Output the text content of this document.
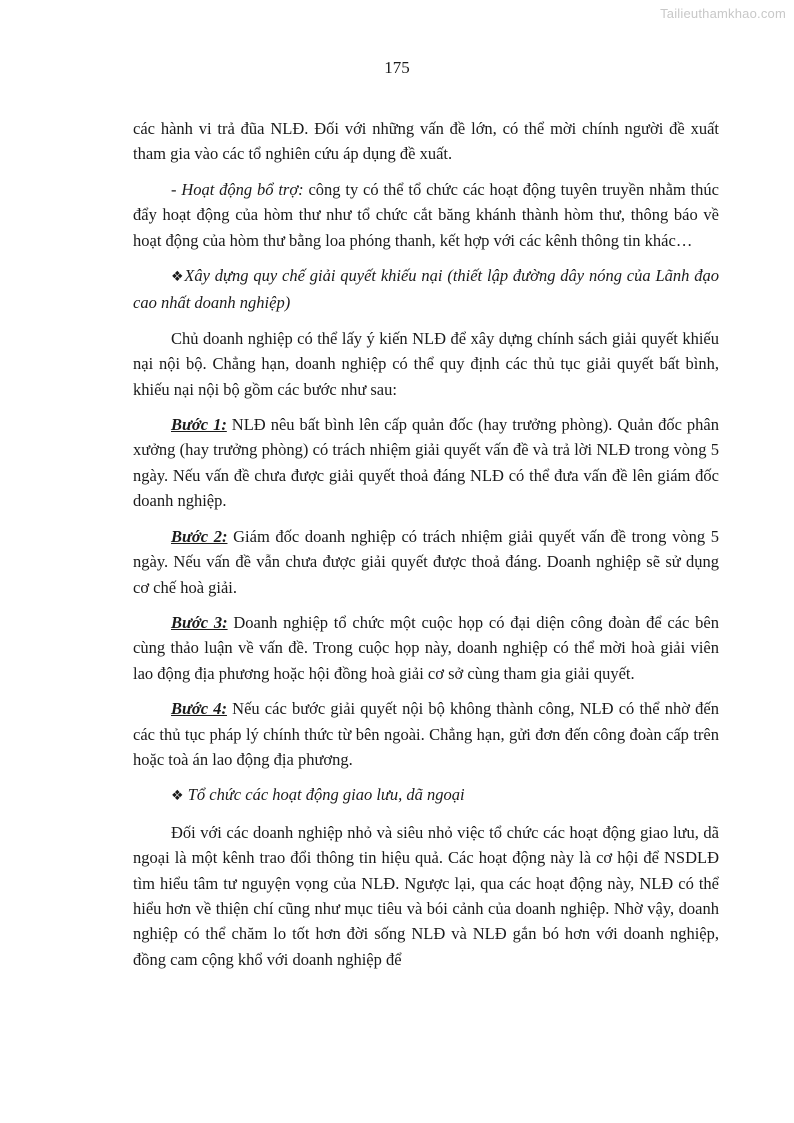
Tailieuthamkhao.com
175

các hành vi trả đũa NLĐ. Đối với những vấn đề lớn, có thể mời chính người đề xuất tham gia vào các tổ nghiên cứu áp dụng đề xuất.

- Hoạt động bổ trợ: công ty có thể tổ chức các hoạt động tuyên truyền nhằm thúc đẩy hoạt động của hòm thư như tổ chức cắt băng khánh thành hòm thư, thông báo về hoạt động của hòm thư bằng loa phóng thanh, kết hợp với các kênh thông tin khác…

❖Xây dựng quy chế giải quyết khiếu nại (thiết lập đường dây nóng của Lãnh đạo cao nhất doanh nghiệp)

Chủ doanh nghiệp có thể lấy ý kiến NLĐ để xây dựng chính sách giải quyết khiếu nại nội bộ. Chẳng hạn, doanh nghiệp có thể quy định các thủ tục giải quyết bất bình, khiếu nại nội bộ gồm các bước như sau:

Bước 1: NLĐ nêu bất bình lên cấp quản đốc (hay trưởng phòng). Quản đốc phân xưởng (hay trưởng phòng) có trách nhiệm giải quyết vấn đề và trả lời NLĐ trong vòng 5 ngày. Nếu vấn đề chưa được giải quyết thoả đáng NLĐ có thể đưa vấn đề lên giám đốc doanh nghiệp.

Bước 2: Giám đốc doanh nghiệp có trách nhiệm giải quyết vấn đề trong vòng 5 ngày. Nếu vấn đề vẫn chưa được giải quyết được thoả đáng. Doanh nghiệp sẽ sử dụng cơ chế hoà giải.

Bước 3: Doanh nghiệp tổ chức một cuộc họp có đại diện công đoàn để các bên cùng thảo luận về vấn đề. Trong cuộc họp này, doanh nghiệp có thể mời hoà giải viên lao động địa phương hoặc hội đồng hoà giải cơ sở cùng tham gia giải quyết.

Bước 4: Nếu các bước giải quyết nội bộ không thành công, NLĐ có thể nhờ đến các thủ tục pháp lý chính thức từ bên ngoài. Chẳng hạn, gửi đơn đến công đoàn cấp trên hoặc toà án lao động địa phương.

❖ Tổ chức các hoạt động giao lưu, dã ngoại

Đối với các doanh nghiệp nhỏ và siêu nhỏ việc tổ chức các hoạt động giao lưu, dã ngoại là một kênh trao đổi thông tin hiệu quả. Các hoạt động này là cơ hội để NSDLĐ tìm hiểu tâm tư nguyện vọng của NLĐ. Ngược lại, qua các hoạt động này, NLĐ có thể hiểu hơn về thiện chí cũng như mục tiêu và bói cảnh của doanh nghiệp. Nhờ vậy, doanh nghiệp có thể chăm lo tốt hơn đời sống NLĐ và NLĐ gắn bó hơn với doanh nghiệp, đồng cam cộng khổ với doanh nghiệp để
